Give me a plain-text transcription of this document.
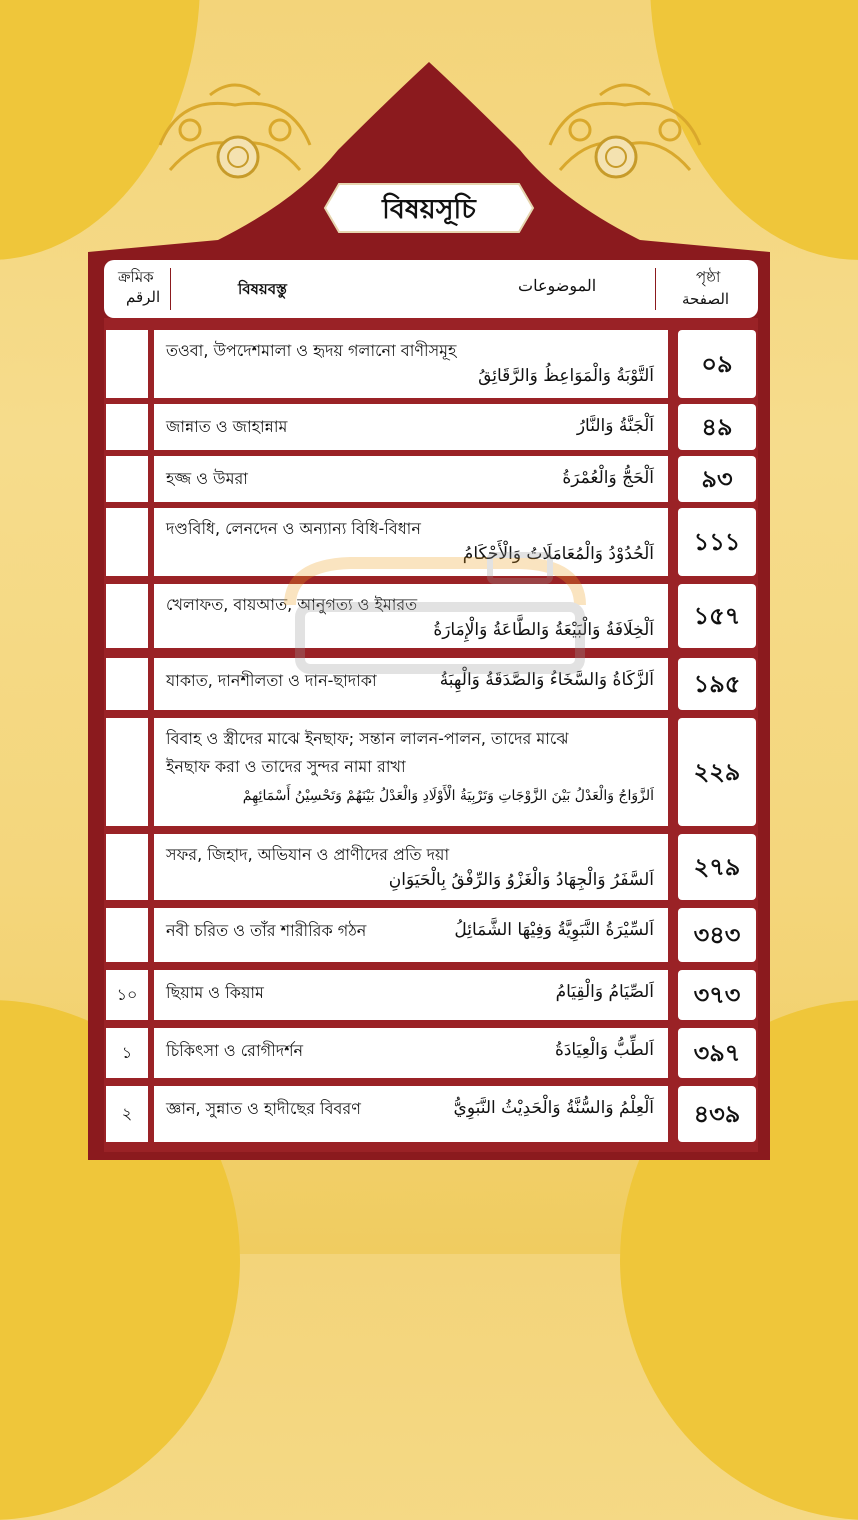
বিষয়সূচি
ক্রমিক
الرقم	বিষয়বস্তু	الموضوعات	পৃষ্ঠা
الصفحة
তওবা, উপদেশমালা ও হৃদয় গলানো বাণীসমূহ
اَلتَّوْبَةُ وَالْمَوَاعِظُ وَالرَّقَائِقُ	০৯
জান্নাত ও জাহান্নাম	اَلْجَنَّةُ وَالنَّارُ	৪৯
হজ্জ ও উমরা	اَلْحَجُّ وَالْعُمْرَةُ	৯৩
দণ্ডবিধি, লেনদেন ও অন্যান্য বিধি-বিধান
اَلْحُدُوْدُ وَالْمُعَامَلَاتُ وَالْأَحْكَامُ	১১১
খেলাফত, বায়আত, আনুগত্য ও ইমারত
اَلْخِلَافَةُ وَالْبَيْعَةُ وَالطَّاعَةُ وَالْإِمَارَةُ	১৫৭
যাকাত, দানশীলতা ও দান-ছাদাকা	اَلزَّكَاةُ وَالسَّخَاءُ وَالصَّدَقَةُ وَالْهِبَةُ	১৯৫
বিবাহ ও স্ত্রীদের মাঝে ইনছাফ; সন্তান লালন-পালন, তাদের মাঝে
ইনছাফ করা ও তাদের সুন্দর নামা রাখা
اَلزَّوَاجُ وَالْعَدْلُ بَيْنَ الزَّوْجَاتِ وَتَرْبِيَةُ الْأَوْلَادِ وَالْعَدْلُ بَيْنَهُمْ وَتَحْسِيْنُ أَسْمَائِهِمْ
২২৯
সফর, জিহাদ, অভিযান ও প্রাণীদের প্রতি দয়া
اَلسَّفَرُ وَالْجِهَادُ وَالْغَزْوُ وَالرِّفْقُ بِالْحَيَوَانِ	২৭৯
নবী চরিত ও তাঁর শারীরিক গঠন	اَلسِّيْرَةُ النَّبَوِيَّةُ وَفِيْهَا الشَّمَائِلُ	৩৪৩
১০	ছিয়াম ও কিয়াম	اَلصِّيَامُ وَالْقِيَامُ	৩৭৩
১	চিকিৎসা ও রোগীদর্শন	اَلطِّبُّ وَالْعِيَادَةُ	৩৯৭
২	জ্ঞান, সুন্নাত ও হাদীছের বিবরণ	اَلْعِلْمُ وَالسُّنَّةُ وَالْحَدِيْثُ النَّبَوِيُّ	৪৩৯
